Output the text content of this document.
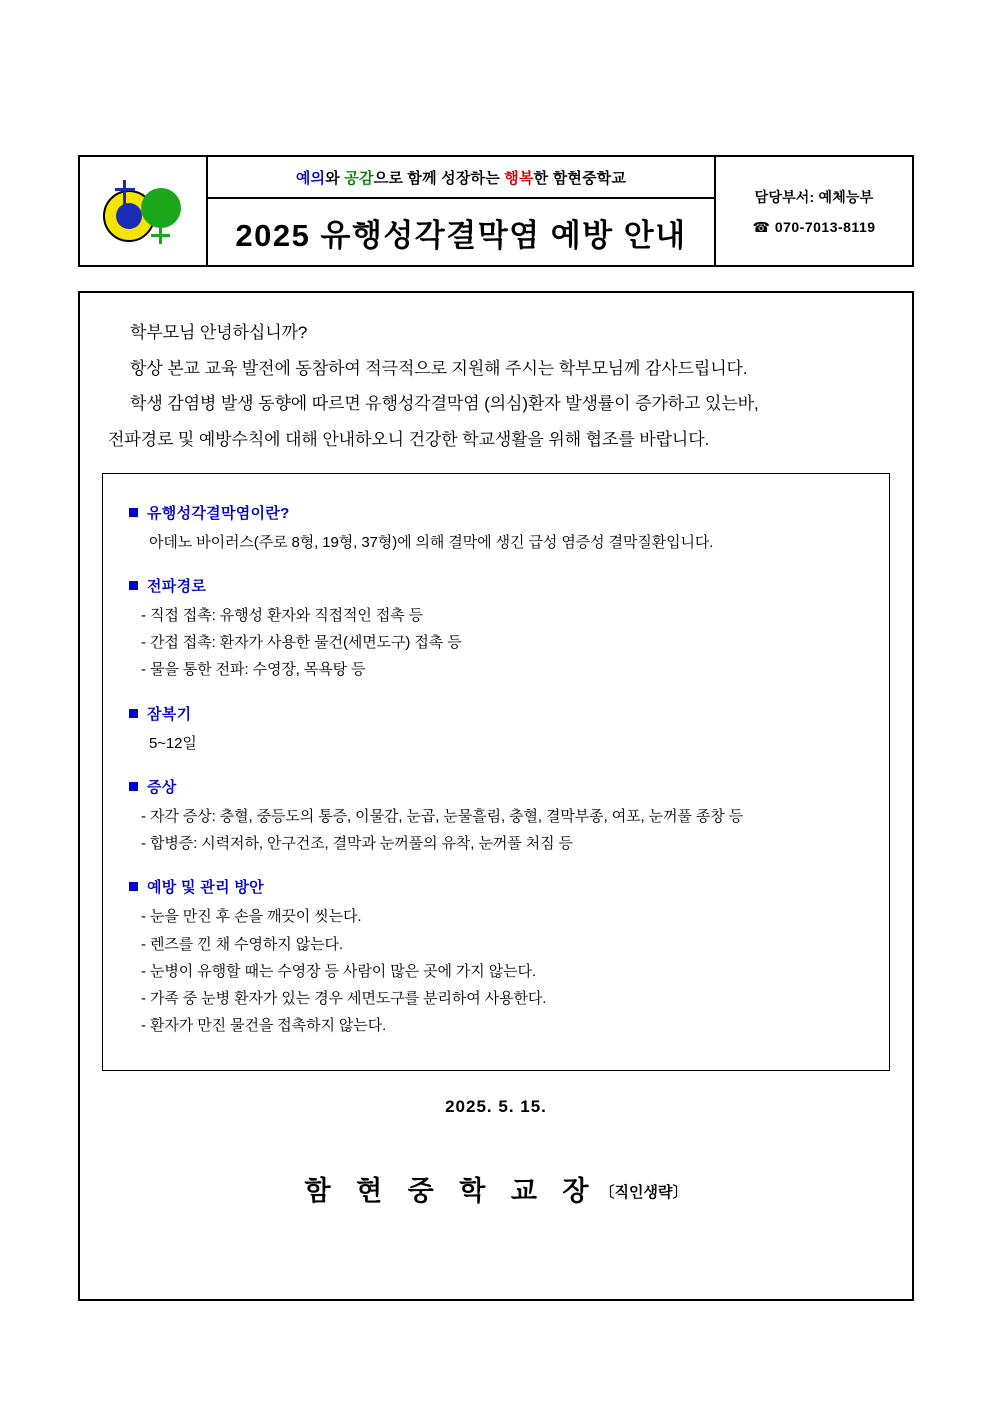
예의 와 공감 으로 함께 성장하는 행복 한 함현중학교
2025 유행성각결막염 예방 안내
담당부서: 예체능부
☎ 070-7013-8119

학부모님 안녕하십니까?

항상 본교 교육 발전에 동참하여 적극적으로 지원해 주시는 학부모님께 감사드립니다.

학생 감염병 발생 동향에 따르면 유행성각결막염 (의심)환자 발생률이 증가하고 있는바,

전파경로 및 예방수칙에 대해 안내하오니 건강한 학교생활을 위해 협조를 바랍니다.

유행성각결막염이란?

아데노 바이러스(주로 8형, 19형, 37형)에 의해 결막에 생긴 급성 염증성 결막질환입니다.

전파경로

- 직접 접촉: 유행성 환자와 직접적인 접촉 등

- 간접 접촉: 환자가 사용한 물건(세면도구) 접촉 등

- 물을 통한 전파: 수영장, 목욕탕 등

잠복기

5~12일

증상

- 자각 증상: 충혈, 중등도의 통증, 이물감, 눈곱, 눈물흘림, 충혈, 결막부종, 여포, 눈꺼풀 종창 등

- 합병증: 시력저하, 안구건조, 결막과 눈꺼풀의 유착, 눈꺼풀 처짐 등

예방 및 관리 방안

- 눈을 만진 후 손을 깨끗이 씻는다.

- 렌즈를 낀 채 수영하지 않는다.

- 눈병이 유행할 때는 수영장 등 사람이 많은 곳에 가지 않는다.

- 가족 중 눈병 환자가 있는 경우 세면도구를 분리하여 사용한다.

- 환자가 만진 물건을 접촉하지 않는다.

2025. 5. 15.
함 현 중 학 교 장 〔직인생략〕
